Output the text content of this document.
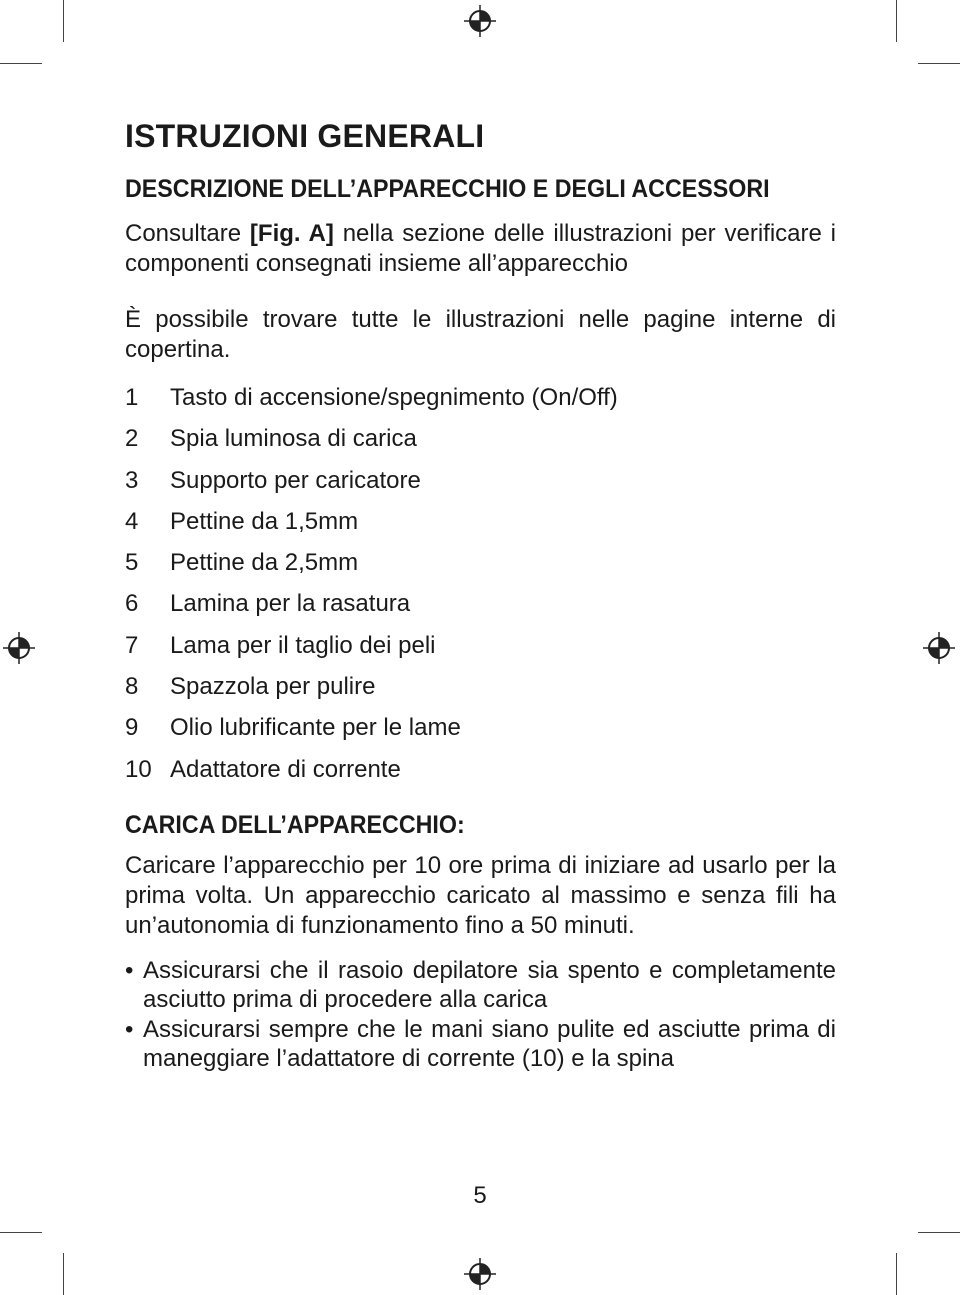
ISTRUZIONI GENERALI
DESCRIZIONE DELL’APPARECCHIO E DEGLI ACCESSORI

Consultare [Fig. A] nella sezione delle illustrazioni per verificare i componenti consegnati insieme all’apparecchio

È possibile trovare tutte le illustrazioni nelle pagine interne di copertina.

1	Tasto di accensione/spegnimento (On/Off)
2	Spia luminosa di carica
3	Supporto per caricatore
4	Pettine da 1,5mm
5	Pettine da 2,5mm
6	Lamina per la rasatura
7	Lama per il taglio dei peli
8	Spazzola per pulire
9	Olio lubrificante per le lame
10 Adattatore di corrente
CARICA DELL’APPARECCHIO:

Caricare l’apparecchio per 10 ore prima di iniziare ad usarlo per la prima volta. Un apparecchio caricato al massimo e senza fili ha un’autonomia di funzionamento fino a 50 minuti.

• Assicurarsi che il rasoio depilatore sia spento e completamente asciutto prima di procedere alla carica
• Assicurarsi sempre che le mani siano pulite ed asciutte prima di maneggiare l’adattatore di corrente (10) e la spina
5
